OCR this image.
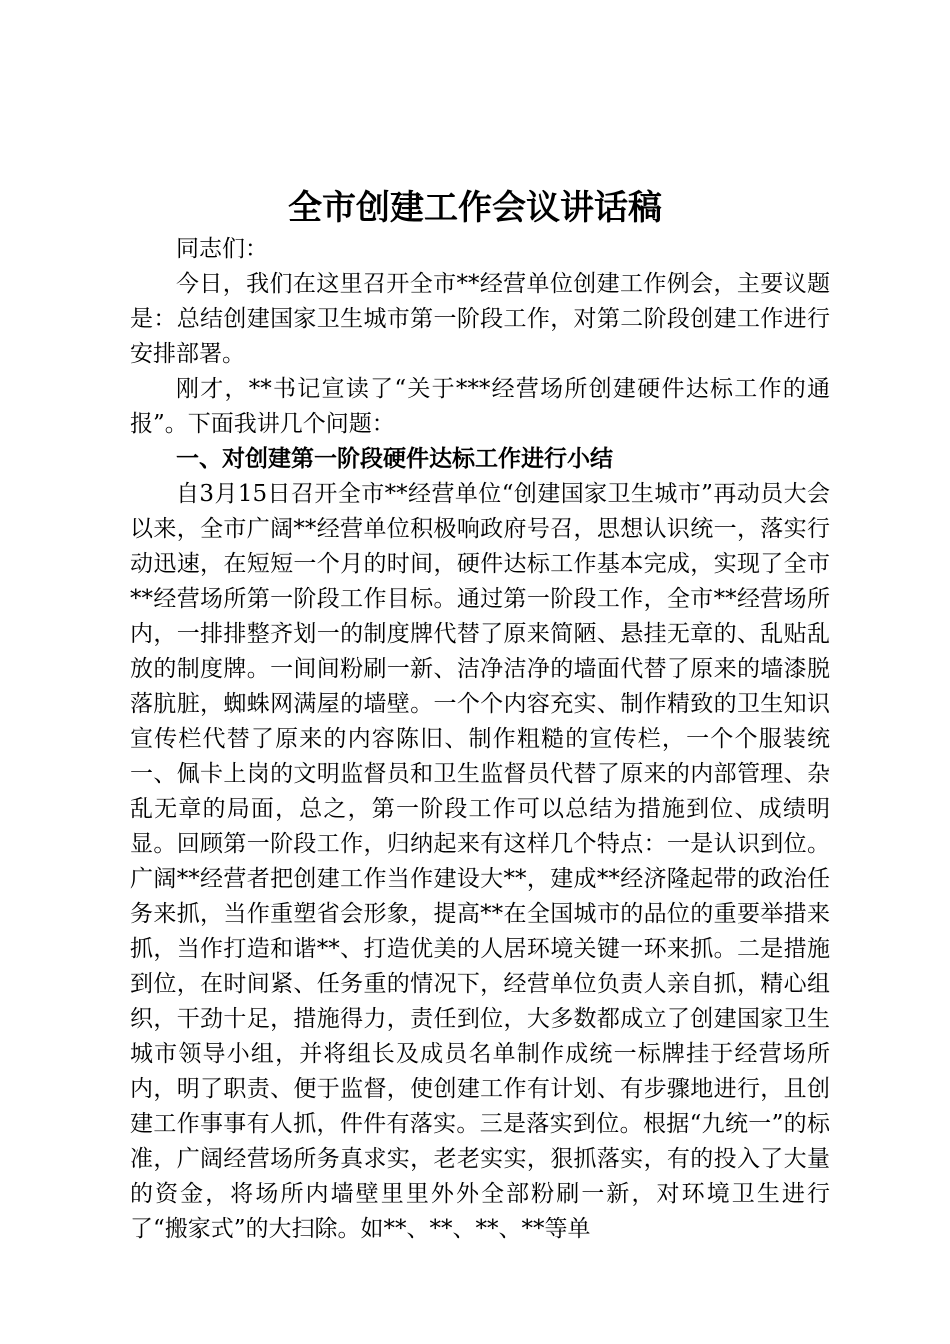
全市创建工作会议讲话稿

同志们：

今日，我们在这里召开全市**经营单位创建工作例会，主要议题是：总结创建国家卫生城市第一阶段工作，对第二阶段创建工作进行安排部署。

刚才，**书记宣读了“关于***经营场所创建硬件达标工作的通报”。下面我讲几个问题：

一、对创建第一阶段硬件达标工作进行小结

自3月15日召开全市**经营单位“创建国家卫生城市”再动员大会以来，全市广阔**经营单位积极响政府号召，思想认识统一，落实行动迅速，在短短一个月的时间，硬件达标工作基本完成，实现了全市**经营场所第一阶段工作目标。通过第一阶段工作，全市**经营场所内，一排排整齐划一的制度牌代替了原来简陋、悬挂无章的、乱贴乱放的制度牌。一间间粉刷一新、洁净洁净的墙面代替了原来的墙漆脱落肮脏，蜘蛛网满屋的墙壁。一个个内容充实、制作精致的卫生知识宣传栏代替了原来的内容陈旧、制作粗糙的宣传栏，一个个服装统一、佩卡上岗的文明监督员和卫生监督员代替了原来的内部管理、杂乱无章的局面，总之，第一阶段工作可以总结为措施到位、成绩明显。回顾第一阶段工作，归纳起来有这样几个特点：一是认识到位。广阔**经营者把创建工作当作建设大**，建成**经济隆起带的政治任务来抓，当作重塑省会形象，提高**在全国城市的品位的重要举措来抓，当作打造和谐**、打造优美的人居环境关键一环来抓。二是措施到位，在时间紧、任务重的情况下，经营单位负责人亲自抓，精心组织，干劲十足，措施得力，责任到位，大多数都成立了创建国家卫生城市领导小组，并将组长及成员名单制作成统一标牌挂于经营场所内，明了职责、便于监督，使创建工作有计划、有步骤地进行，且创建工作事事有人抓，件件有落实。三是落实到位。根据“九统一”的标准，广阔经营场所务真求实，老老实实，狠抓落实，有的投入了大量的资金，将场所内墙壁里里外外全部粉刷一新，对环境卫生进行了“搬家式”的大扫除。如**、**、**、**等单
